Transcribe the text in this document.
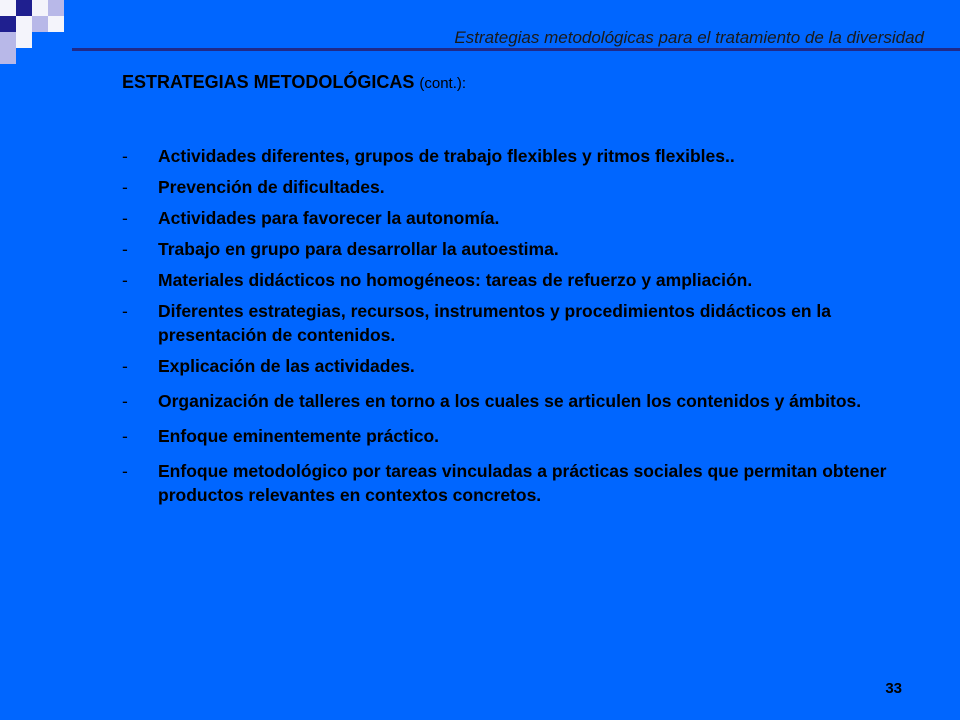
Estrategias metodológicas para el tratamiento de la diversidad
ESTRATEGIAS METODOLÓGICAS (cont.):
- Actividades diferentes, grupos de trabajo flexibles y ritmos flexibles..
- Prevención de dificultades.
- Actividades para favorecer la autonomía.
- Trabajo en grupo para desarrollar la autoestima.
- Materiales didácticos no homogéneos: tareas de refuerzo y ampliación.
- Diferentes estrategias, recursos, instrumentos y procedimientos didácticos en la presentación de contenidos.
- Explicación de las actividades.
- Organización de talleres en torno a los cuales se articulen los contenidos y ámbitos.
- Enfoque eminentemente práctico.
- Enfoque metodológico por tareas vinculadas a prácticas sociales que permitan obtener productos relevantes en contextos concretos.
33
